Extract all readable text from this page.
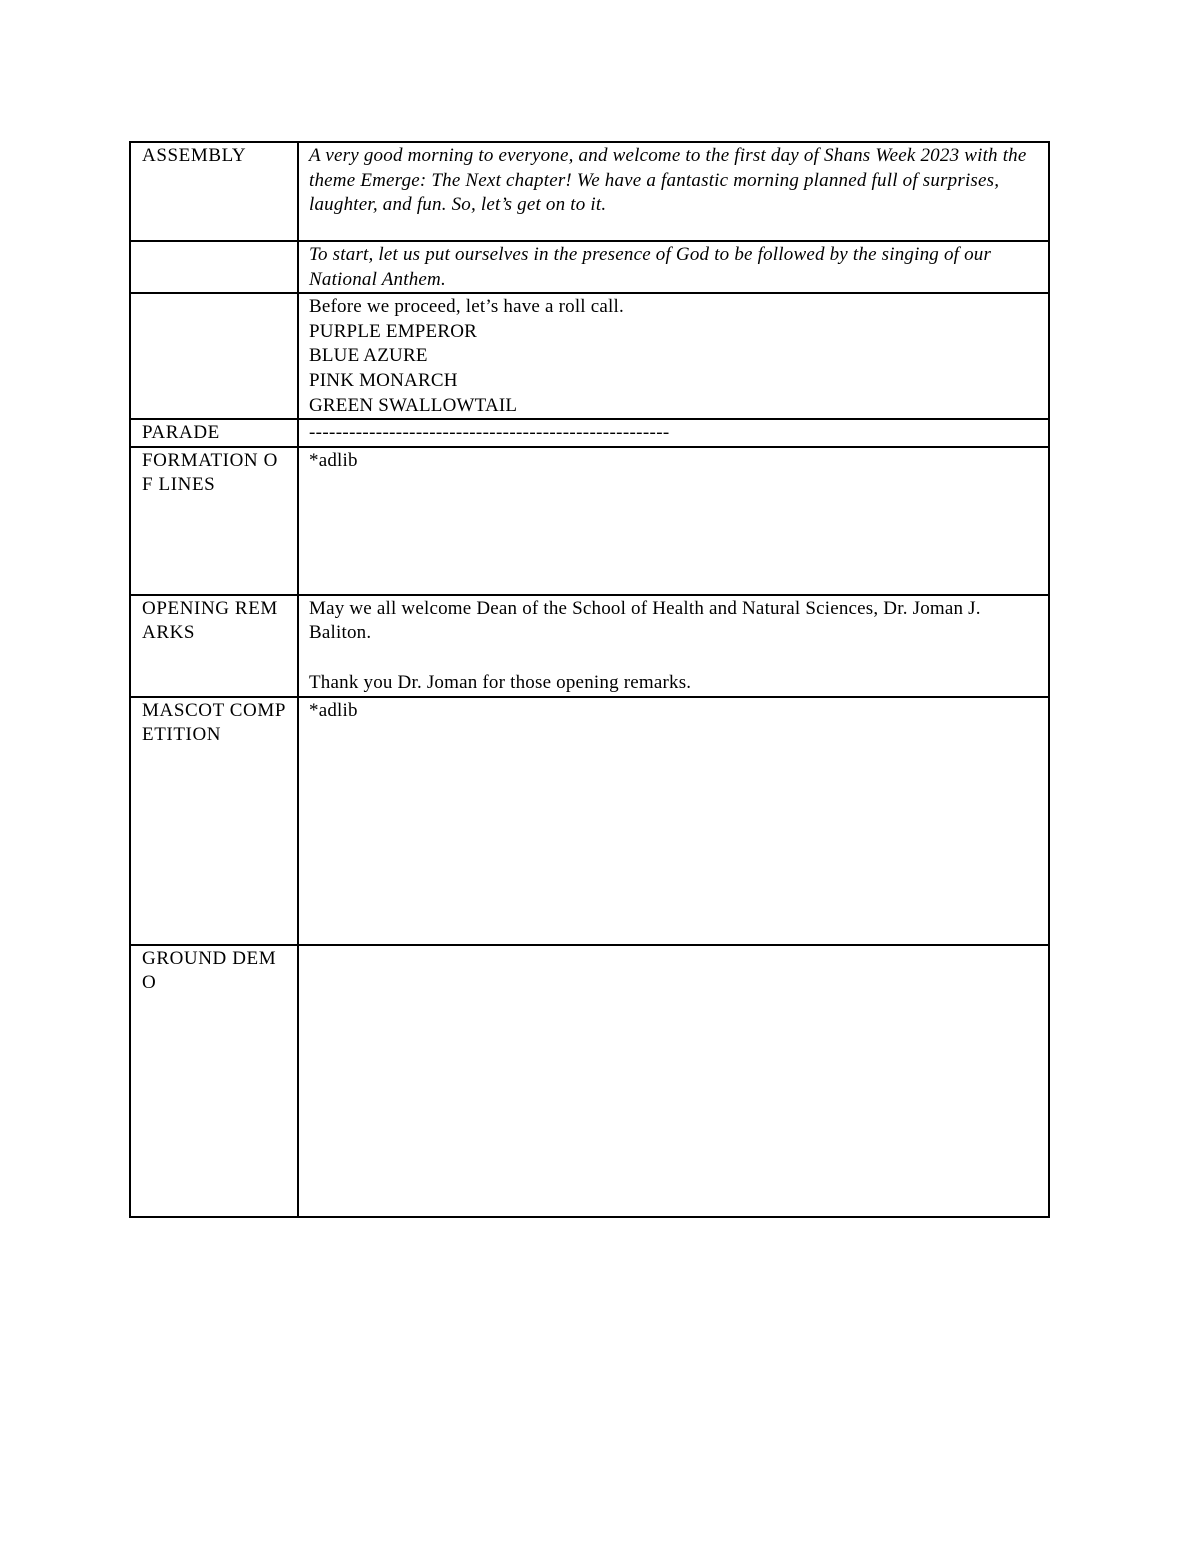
ASSEMBLY	A very good morning to everyone, and welcome to the first day of Shans Week 2023 with the theme Emerge: The Next chapter! We have a fantastic morning planned full of surprises, laughter, and fun. So, let’s get on to it.
	To start, let us put ourselves in the presence of God to be followed by the singing of our National Anthem.

	Before we proceed, let’s have a roll call.
PURPLE EMPEROR
BLUE AZURE
PINK MONARCH
GREEN SWALLOWTAIL

PARADE	------------------------------------------------------

FORMATION OF LINES	*adlib
OPENING REMARKS	May we all welcome Dean of the School of Health and Natural Sciences, Dr. Joman J. Baliton.
Thank you Dr. Joman for those opening remarks.

MASCOT COMPETITION	*adlib
GROUND DEMO	
